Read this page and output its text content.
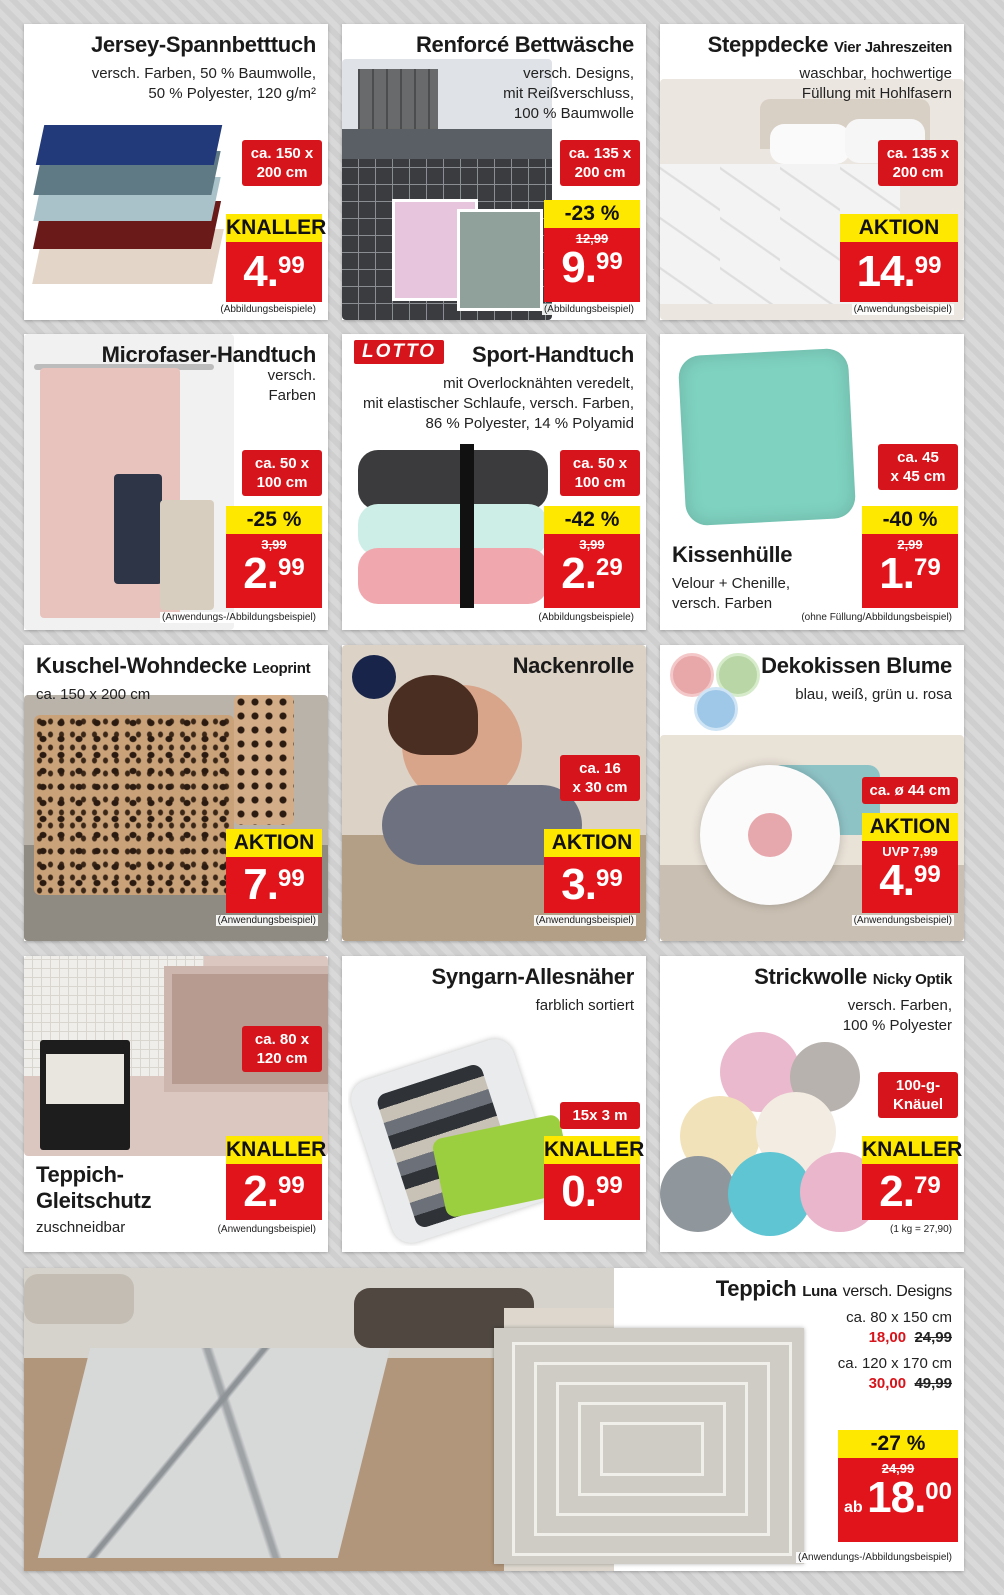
Jersey-Spannbetttuch
versch. Farben, 50 % Baumwolle,
50 % Polyester, 120 g/m²
ca. 150 x
200 cm
KNALLER
4.99
(Abbildungsbeispiele)
Renforcé Bettwäsche
versch. Designs,
mit Reißverschluss,
100 % Baumwolle
ca. 135 x
200 cm
-23 %
12,99
9.99
(Abbildungsbeispiel)
Steppdecke Vier Jahreszeiten
waschbar, hochwertige
Füllung mit Hohlfasern
ca. 135 x
200 cm
AKTION
14.99
(Anwendungsbeispiel)
Microfaser-Handtuch
versch.
Farben
ca. 50 x
100 cm
-25 %
3,99
2.99
(Anwendungs-/Abbildungsbeispiel)
LOTTO	Sport-Handtuch
mit Overlocknähten veredelt,
mit elastischer Schlaufe, versch. Farben,
86 % Polyester, 14 % Polyamid
ca. 50 x
100 cm
-42 %
3,99
2.29
(Abbildungsbeispiele)
Kissenhülle
Velour + Chenille,
versch. Farben
ca. 45
x 45 cm
-40 %
2,99
1.79
(ohne Füllung/Abbildungsbeispiel)
Kuschel-Wohndecke Leoprint
ca. 150 x 200 cm
AKTION
7.99
(Anwendungsbeispiel)
Nackenrolle
ca. 16
x 30 cm
AKTION
3.99
(Anwendungsbeispiel)
Dekokissen Blume
blau, weiß, grün u. rosa
ca. ø 44 cm
AKTION
UVP 7,99
4.99
(Anwendungsbeispiel)
Teppich-
Gleitschutz
zuschneidbar
ca. 80 x
120 cm
KNALLER
2.99
(Anwendungsbeispiel)
Syngarn-Allesnäher
farblich sortiert
15x 3 m
KNALLER
0.99
Strickwolle Nicky Optik
versch. Farben,
100 % Polyester
100-g-
Knäuel
KNALLER
2.79
(1 kg = 27,90)
Teppich Luna versch. Designs
ca. 80 x 150 cm
18,00 24,99
ca. 120 x 170 cm
30,00 49,99
-27 %
24,99
ab 18.00
(Anwendungs-/Abbildungsbeispiel)
